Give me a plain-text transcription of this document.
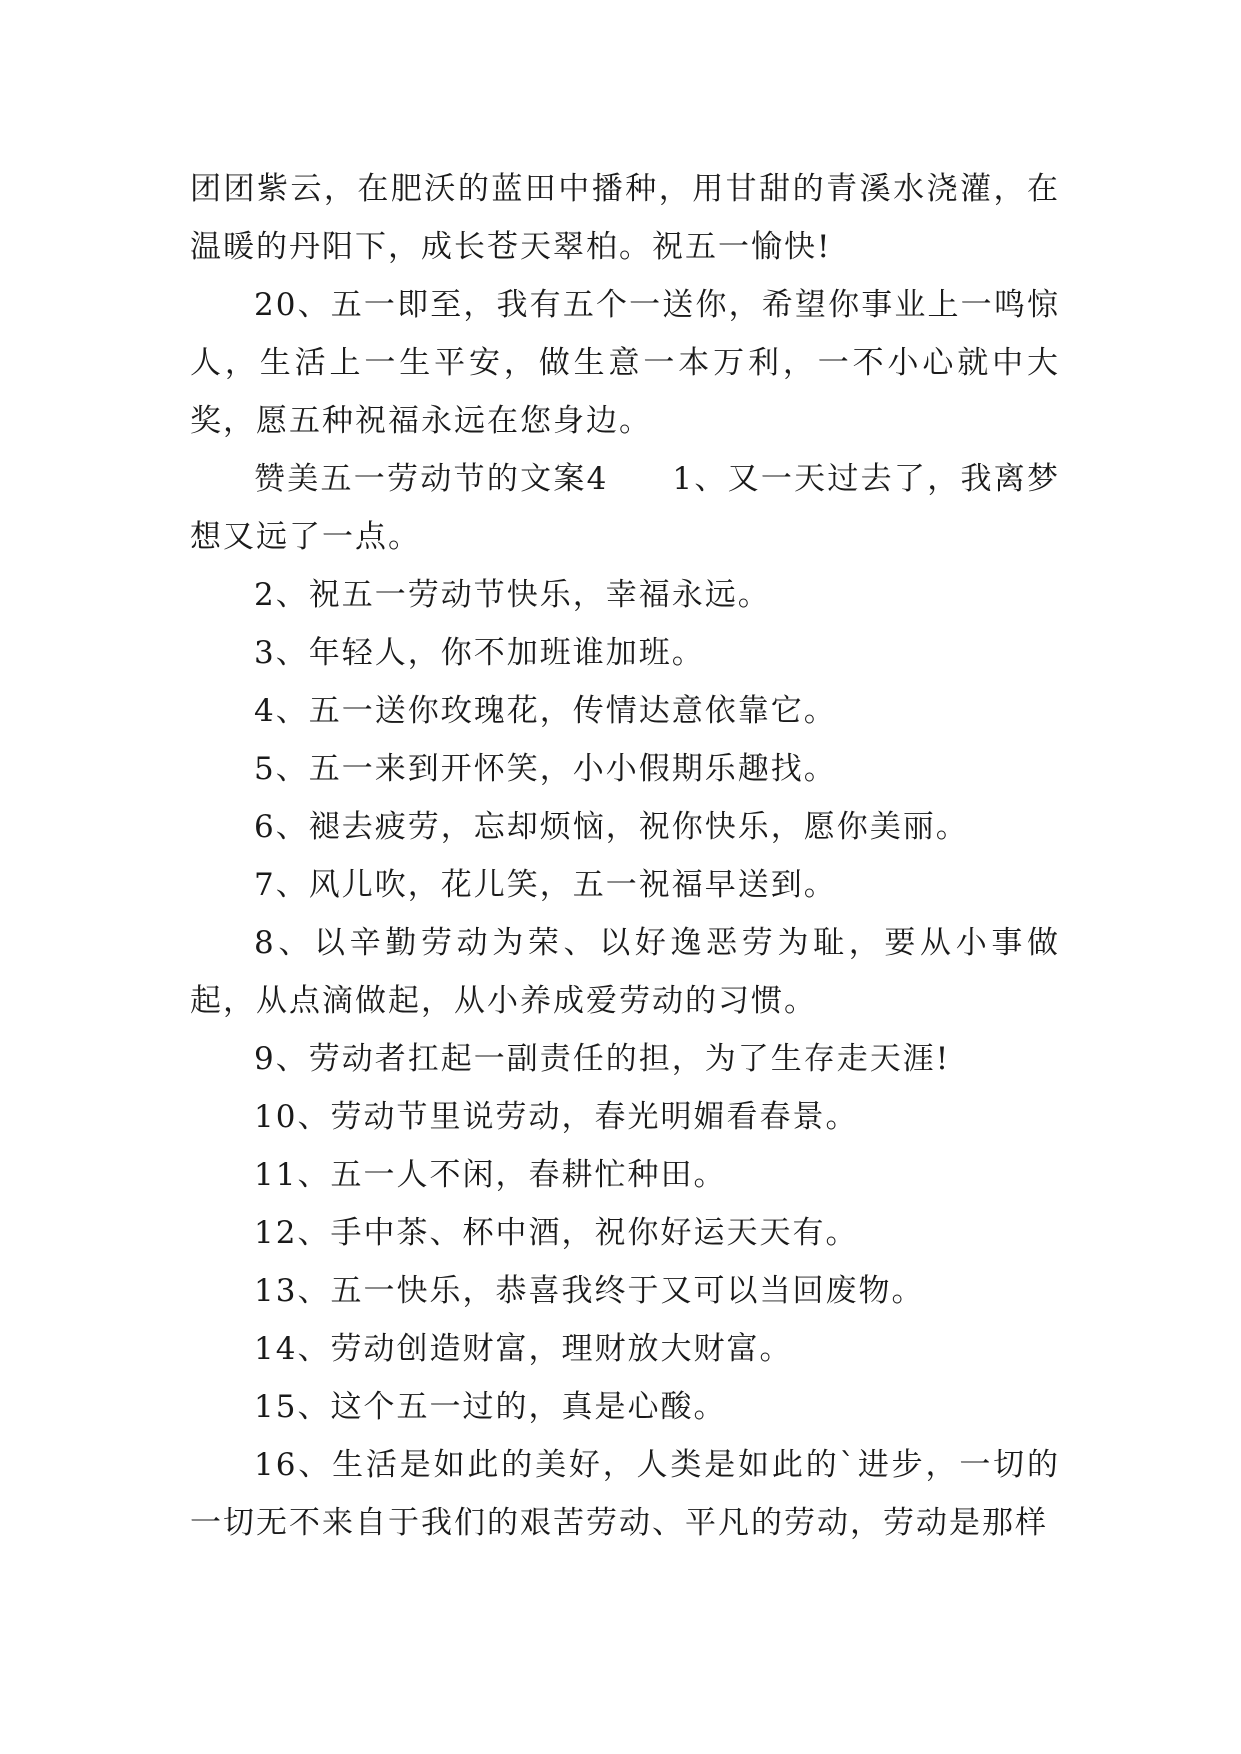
团团紫云，在肥沃的蓝田中播种，用甘甜的青溪水浇灌，在温暖的丹阳下，成长苍天翠柏。祝五一愉快!

20、五一即至，我有五个一送你，希望你事业上一鸣惊人，生活上一生平安，做生意一本万利，一不小心就中大奖，愿五种祝福永远在您身边。

赞美五一劳动节的文案4 1、又一天过去了，我离梦想又远了一点。

2、祝五一劳动节快乐，幸福永远。

3、年轻人，你不加班谁加班。

4、五一送你玫瑰花，传情达意依靠它。

5、五一来到开怀笑，小小假期乐趣找。

6、褪去疲劳，忘却烦恼，祝你快乐，愿你美丽。

7、风儿吹，花儿笑，五一祝福早送到。

8、以辛勤劳动为荣、以好逸恶劳为耻，要从小事做起，从点滴做起，从小养成爱劳动的习惯。

9、劳动者扛起一副责任的担，为了生存走天涯!

10、劳动节里说劳动，春光明媚看春景。

11、五一人不闲，春耕忙种田。

12、手中茶、杯中酒，祝你好运天天有。

13、五一快乐，恭喜我终于又可以当回废物。

14、劳动创造财富，理财放大财富。

15、这个五一过的，真是心酸。

16、生活是如此的美好，人类是如此的`进步，一切的一切无不来自于我们的艰苦劳动、平凡的劳动，劳动是那样
